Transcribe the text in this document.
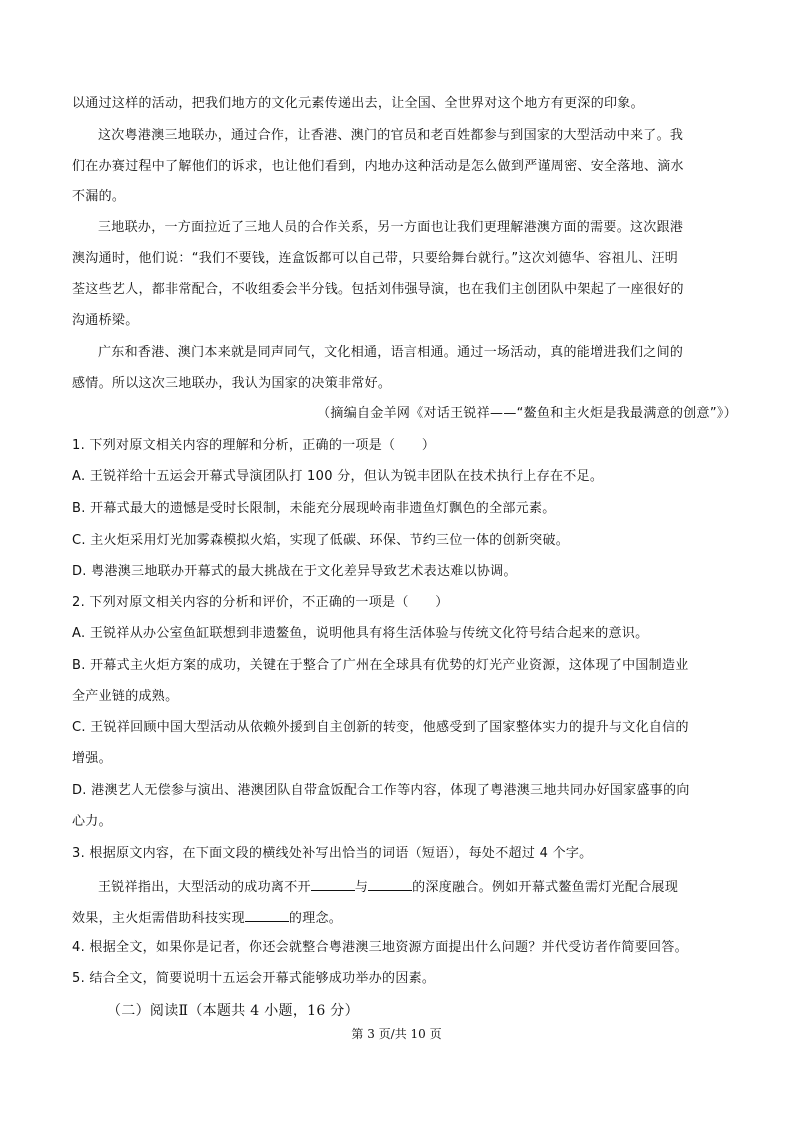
以通过这样的活动，把我们地方的文化元素传递出去，让全国、全世界对这个地方有更深的印象。
这次粤港澳三地联办，通过合作，让香港、澳门的官员和老百姓都参与到国家的大型活动中来了。我
们在办赛过程中了解他们的诉求，也让他们看到，内地办这种活动是怎么做到严谨周密、安全落地、滴水
不漏的。
三地联办，一方面拉近了三地人员的合作关系，另一方面也让我们更理解港澳方面的需要。这次跟港
澳沟通时，他们说：“我们不要钱，连盒饭都可以自己带，只要给舞台就行。”这次刘德华、容祖儿、汪明
荃这些艺人，都非常配合，不收组委会半分钱。包括刘伟强导演，也在我们主创团队中架起了一座很好的
沟通桥梁。
广东和香港、澳门本来就是同声同气，文化相通，语言相通。通过一场活动，真的能增进我们之间的
感情。所以这次三地联办，我认为国家的决策非常好。
（摘编自金羊网《对话王锐祥——“鳌鱼和主火炬是我最满意的创意”》）
1. 下列对原文相关内容的理解和分析，正确的一项是（　　）
A. 王锐祥给十五运会开幕式导演团队打 100 分，但认为锐丰团队在技术执行上存在不足。
B. 开幕式最大的遗憾是受时长限制，未能充分展现岭南非遗鱼灯飘色的全部元素。
C. 主火炬采用灯光加雾森模拟火焰，实现了低碳、环保、节约三位一体的创新突破。
D. 粤港澳三地联办开幕式的最大挑战在于文化差异导致艺术表达难以协调。
2. 下列对原文相关内容的分析和评价，不正确的一项是（　　）
A. 王锐祥从办公室鱼缸联想到非遗鳌鱼，说明他具有将生活体验与传统文化符号结合起来的意识。
B. 开幕式主火炬方案的成功，关键在于整合了广州在全球具有优势的灯光产业资源，这体现了中国制造业
全产业链的成熟。
C. 王锐祥回顾中国大型活动从依赖外援到自主创新的转变，他感受到了国家整体实力的提升与文化自信的
增强。
D. 港澳艺人无偿参与演出、港澳团队自带盒饭配合工作等内容，体现了粤港澳三地共同办好国家盛事的向
心力。
3. 根据原文内容，在下面文段的横线处补写出恰当的词语（短语），每处不超过 4 个字。
王锐祥指出，大型活动的成功离不开	与	的深度融合。例如开幕式鳌鱼需灯光配合展现
效果，主火炬需借助科技实现	的理念。
4. 根据全文，如果你是记者，你还会就整合粤港澳三地资源方面提出什么问题？并代受访者作简要回答。
5. 结合全文，简要说明十五运会开幕式能够成功举办的因素。
（二）阅读Ⅱ（本题共 4 小题，16 分）
第 3 页/共 10 页
